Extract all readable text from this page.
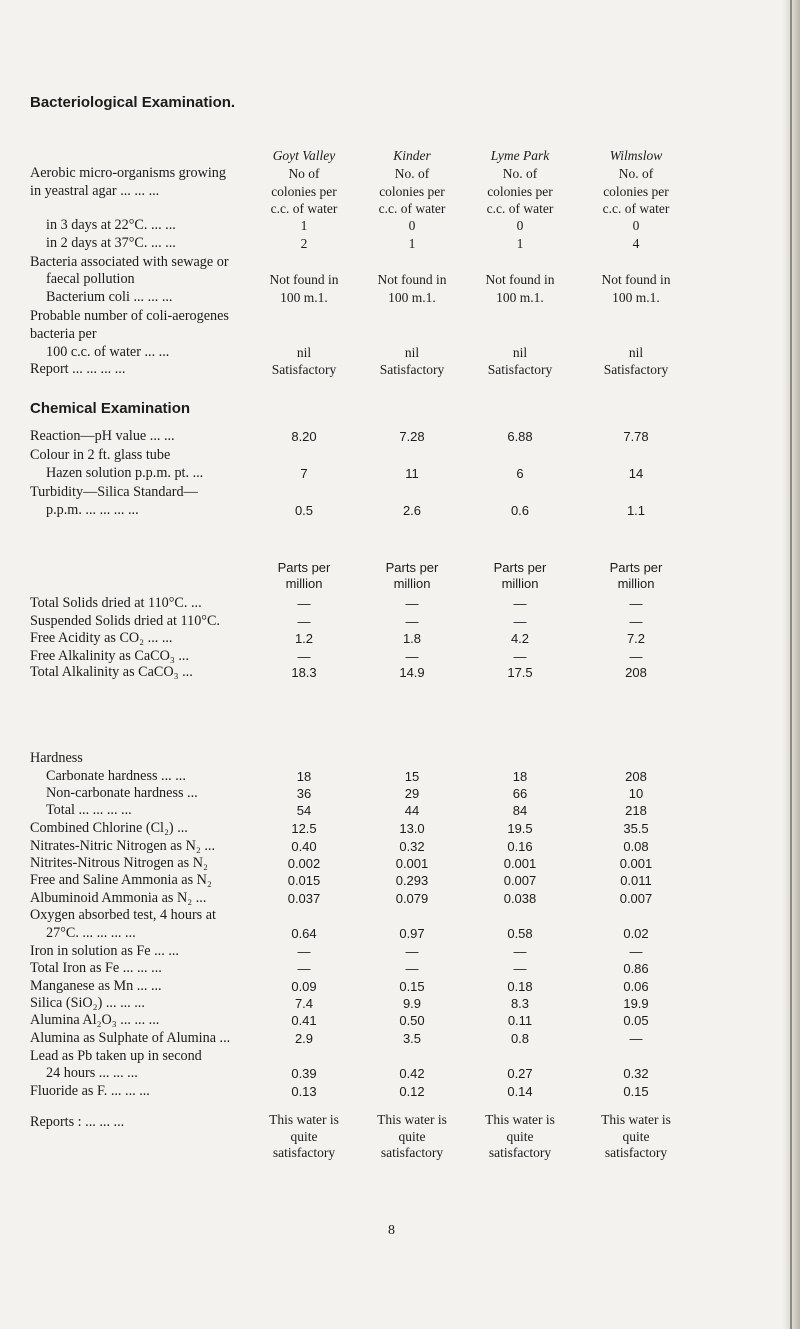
Bacteriological Examination.
Goyt Valley	Kinder	Lyme Park	Wilmslow
Aerobic micro-organisms growing	No of	No. of	No. of	No. of
in yeastral agar ... ... ...	colonies per	colonies per	colonies per	colonies per
c.c. of water	c.c. of water	c.c. of water	c.c. of water
in 3 days at 22°C. ... ...	1	0	0	0
in 2 days at 37°C. ... ...	2	1	1	4
Bacteria associated with sewage or
faecal pollution	Not found in	Not found in	Not found in	Not found in
Bacterium coli ... ... ...	100 m.1.	100 m.1.	100 m.1.	100 m.1.
Probable number of coli-aerogenes
bacteria per
100 c.c. of water ... ...	nil	nil	nil	nil
Report ... ... ... ...	Satisfactory	Satisfactory	Satisfactory	Satisfactory
Chemical Examination
Reaction—pH value ... ...	8.20	7.28	6.88	7.78
Colour in 2 ft. glass tube
Hazen solution p.p.m. pt. ...	7	11	6	14
Turbidity—Silica Standard—
p.p.m. ... ... ... ...	0.5	2.6	0.6	1.1
Parts per	Parts per	Parts per	Parts per
million	million	million	million
Total Solids dried at 110°C. ...	—	—	—	—
Suspended Solids dried at 110°C.	—	—	—	—
Free Acidity as CO₂ ... ...	1.2	1.8	4.2	7.2
Free Alkalinity as CaCO₃ ...	—	—	—	—
Total Alkalinity as CaCO₃ ...	18.3	14.9	17.5	208
Hardness
Carbonate hardness ... ...	18	15	18	208
Non-carbonate hardness ...	36	29	66	10
Total ... ... ... ...	54	44	84	218
Combined Chlorine (Cl₂) ...	12.5	13.0	19.5	35.5
Nitrates-Nitric Nitrogen as N₂ ...	0.40	0.32	0.16	0.08
Nitrites-Nitrous Nitrogen as N₂	0.002	0.001	0.001	0.001
Free and Saline Ammonia as N₂	0.015	0.293	0.007	0.011
Albuminoid Ammonia as N₂ ...	0.037	0.079	0.038	0.007
Oxygen absorbed test, 4 hours at
27°C. ... ... ... ...	0.64	0.97	0.58	0.02
Iron in solution as Fe ... ...	—	—	—	—
Total Iron as Fe ... ... ...	—	—	—	0.86
Manganese as Mn ... ...	0.09	0.15	0.18	0.06
Silica (SiO₂) ... ... ...	7.4	9.9	8.3	19.9
Alumina Al₂O₃ ... ... ...	0.41	0.50	0.11	0.05
Alumina as Sulphate of Alumina ...	2.9	3.5	0.8	—
Lead as Pb taken up in second
24 hours ... ... ...	0.39	0.42	0.27	0.32
Fluoride as F. ... ... ...	0.13	0.12	0.14	0.15
Reports : ... ... ...	This water is	This water is	This water is	This water is
quite	quite	quite	quite
satisfactory	satisfactory	satisfactory	satisfactory
8
